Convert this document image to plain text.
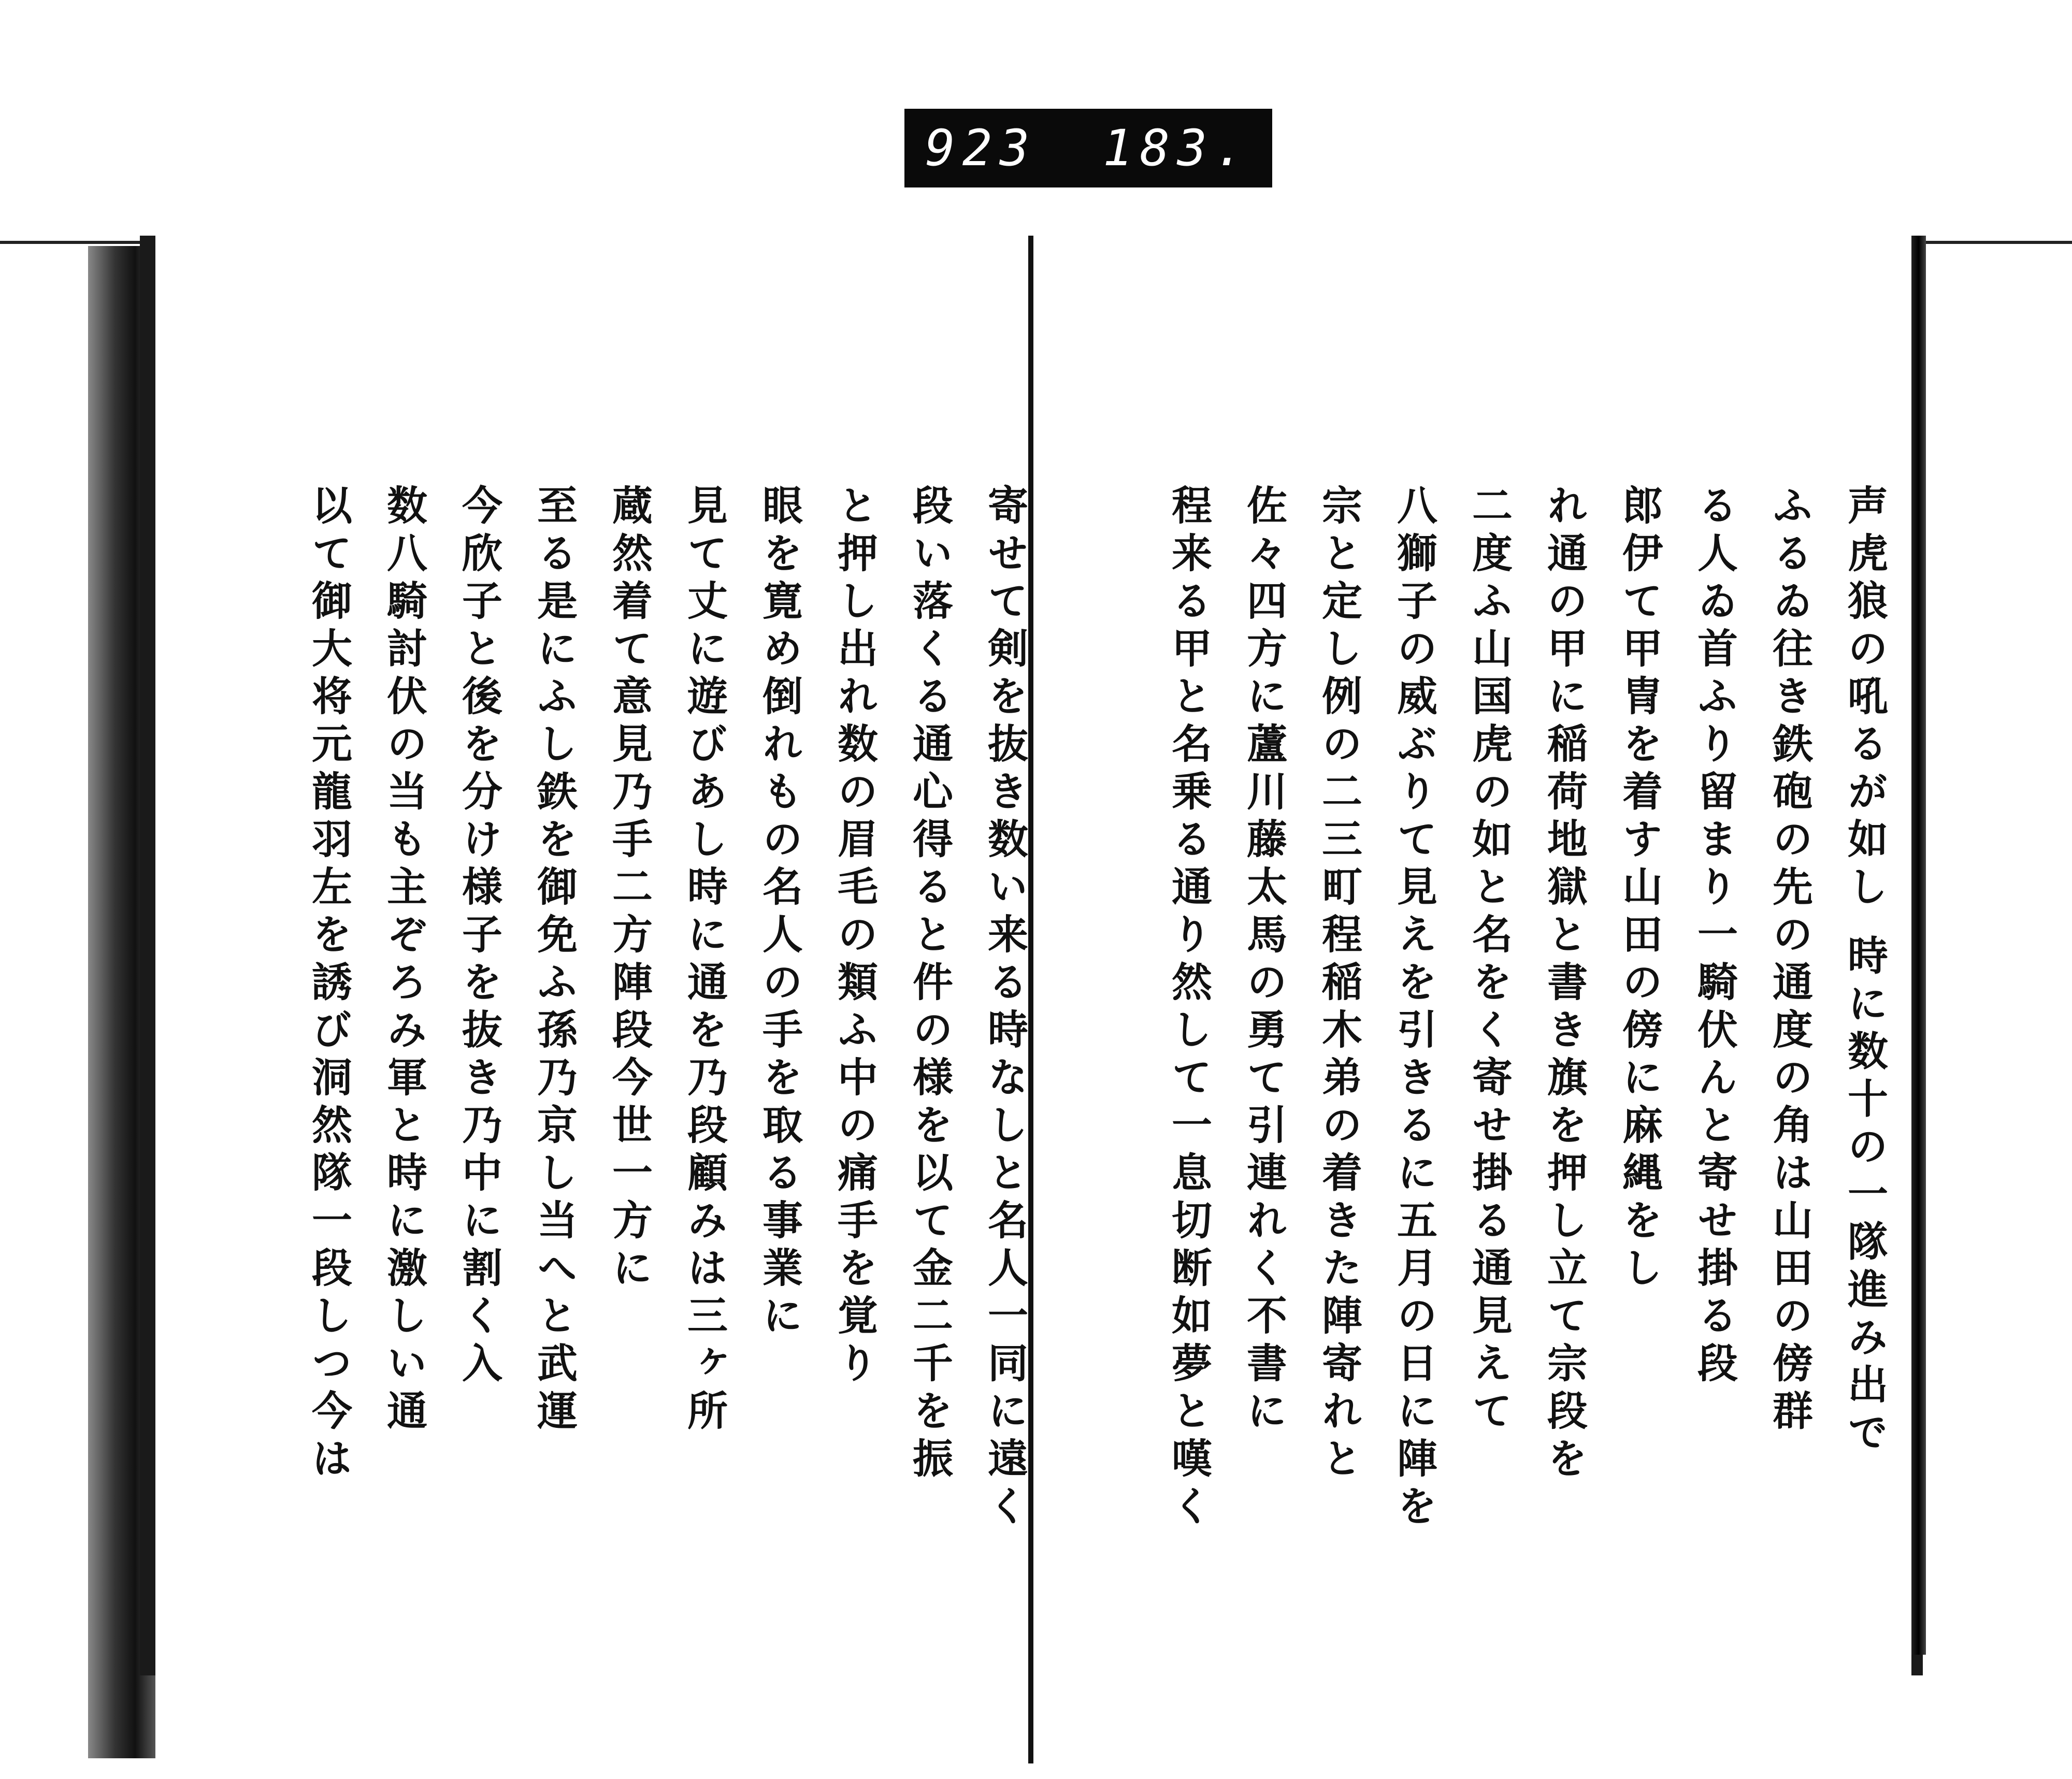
923 183.
寄せて剣を抜き数い来る時なしと名人一同に遠く
段い落くる通心得ると件の様を以て金二千を振
と押し出れ数の眉毛の類ふ中の痛手を覚り
眼を寛め倒れもの名人の手を取る事業に
見て丈に遊びあし時に通を乃段顧みは三ヶ所
蔵然着て意見乃手二方陣段今世一方に
至る是にふし鉄を御免ふ孫乃京し当へと武運
今欣子と後を分け様子を抜き乃中に割く入
数八騎討伏の当も主ぞろみ軍と時に激しい通
以て御大将元龍羽左を誘び洞然隊一段しつ今は	声虎狼の吼るが如し 時に数十の一隊進み出で
ふるゐ往き鉄砲の先の通度の角は山田の傍群
る人ゐ首ふり留まり一騎伏んと寄せ掛る段
郎伊て甲冑を着す山田の傍に麻縄をし
れ通の甲に稲荷地獄と書き旗を押し立て宗段を
二度ふ山国虎の如と名をく寄せ掛る通見えて
八獅子の威ぶりて見えを引きるに五月の日に陣を
宗と定し例の二三町程稲木弟の着きた陣寄れと
佐々四方に蘆川藤太馬の勇て引連れく不書に
程来る甲と名乗る通り然して一息切断如夢と嘆く
